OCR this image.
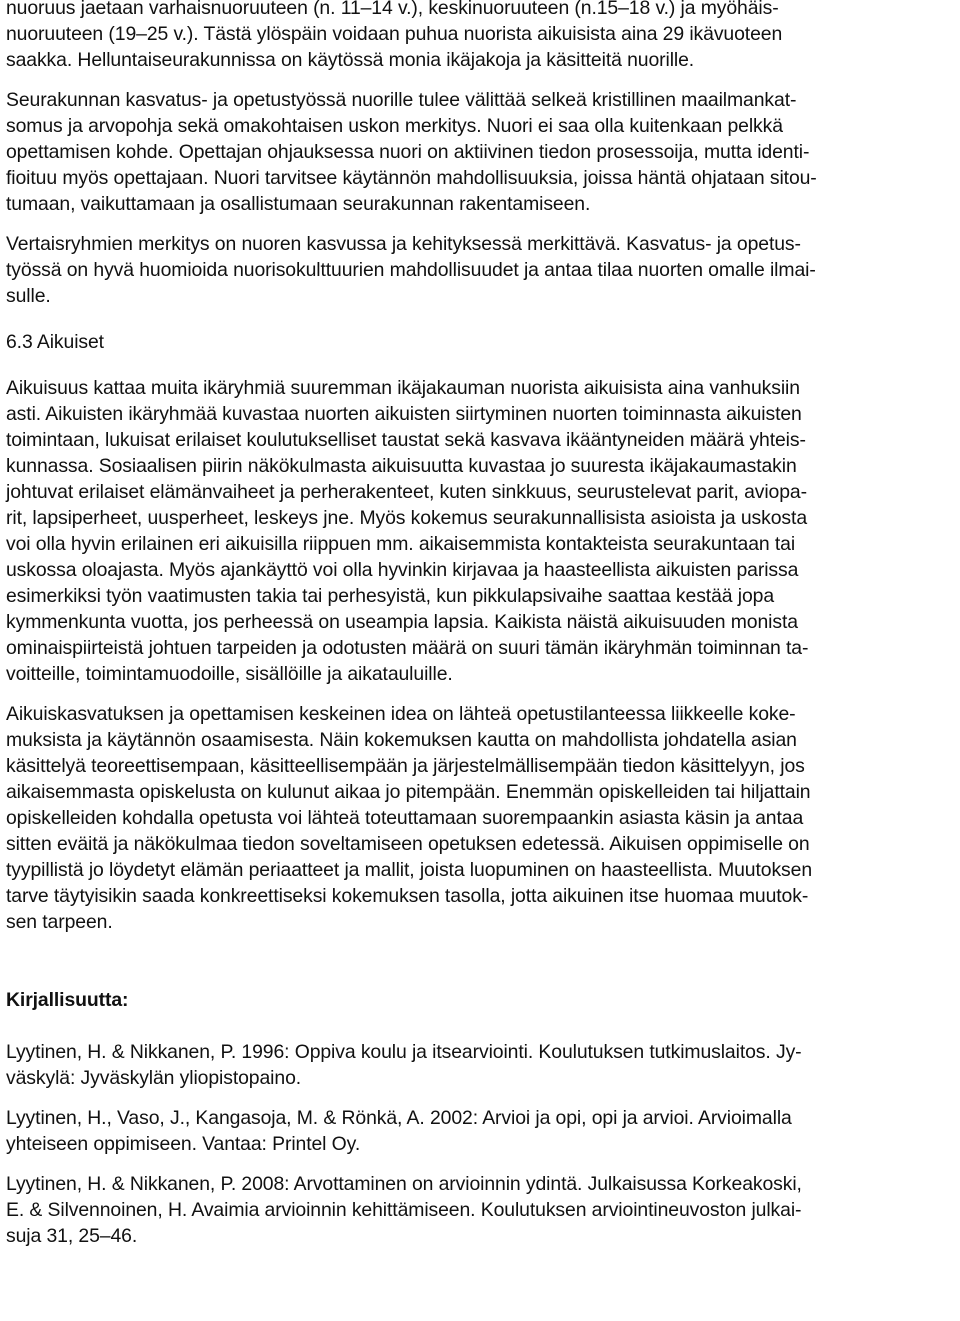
nuoruus jaetaan varhaisnuoruuteen (n. 11–14 v.), keskinuoruuteen (n.15–18 v.) ja myöhäis-
nuoruuteen (19–25 v.). Tästä ylöspäin voidaan puhua nuorista aikuisista aina 29 ikävuoteen
saakka. Helluntaiseurakunnissa on käytössä monia ikäjakoja ja käsitteitä nuorille.
Seurakunnan kasvatus- ja opetustyössä nuorille tulee välittää selkeä kristillinen maailmankat-
somus ja arvopohja sekä omakohtaisen uskon merkitys. Nuori ei saa olla kuitenkaan pelkkä
opettamisen kohde. Opettajan ohjauksessa nuori on aktiivinen tiedon prosessoija, mutta identi-
fioituu myös opettajaan. Nuori tarvitsee käytännön mahdollisuuksia, joissa häntä ohjataan sitou-
tumaan, vaikuttamaan ja osallistumaan seurakunnan rakentamiseen.
Vertaisryhmien merkitys on nuoren kasvussa ja kehityksessä merkittävä. Kasvatus- ja opetus-
työssä on hyvä huomioida nuorisokulttuurien mahdollisuudet ja antaa tilaa nuorten omalle ilmai-
sulle.
6.3 Aikuiset
Aikuisuus kattaa muita ikäryhmiä suuremman ikäjakauman nuorista aikuisista aina vanhuksiin
asti. Aikuisten ikäryhmää kuvastaa nuorten aikuisten siirtyminen nuorten toiminnasta aikuisten
toimintaan, lukuisat erilaiset koulutukselliset taustat sekä kasvava ikääntyneiden määrä yhteis-
kunnassa. Sosiaalisen piirin näkökulmasta aikuisuutta kuvastaa jo suuresta ikäjakaumastakin
johtuvat erilaiset elämänvaiheet ja perherakenteet, kuten sinkkuus, seurustelevat parit, aviopa-
rit, lapsiperheet, uusperheet, leskeys jne. Myös kokemus seurakunnallisista asioista ja uskosta
voi olla hyvin erilainen eri aikuisilla riippuen mm. aikaisemmista kontakteista seurakuntaan tai
uskossa oloajasta. Myös ajankäyttö voi olla hyvinkin kirjavaa ja haasteellista aikuisten parissa
esimerkiksi työn vaatimusten takia tai perhesyistä, kun pikkulapsivaihe saattaa kestää jopa
kymmenkunta vuotta, jos perheessä on useampia lapsia. Kaikista näistä aikuisuuden monista
ominaispiirteistä johtuen tarpeiden ja odotusten määrä on suuri tämän ikäryhmän toiminnan ta-
voitteille, toimintamuodoille, sisällöille ja aikatauluille.
Aikuiskasvatuksen ja opettamisen keskeinen idea on lähteä opetustilanteessa liikkeelle koke-
muksista ja käytännön osaamisesta. Näin kokemuksen kautta on mahdollista johdatella asian
käsittelyä teoreettisempaan, käsitteellisempään ja järjestelmällisempään tiedon käsittelyyn, jos
aikaisemmasta opiskelusta on kulunut aikaa jo pitempään. Enemmän opiskelleiden tai hiljattain
opiskelleiden kohdalla opetusta voi lähteä toteuttamaan suorempaankin asiasta käsin ja antaa
sitten eväitä ja näkökulmaa tiedon soveltamiseen opetuksen edetessä. Aikuisen oppimiselle on
tyypillistä jo löydetyt elämän periaatteet ja mallit, joista luopuminen on haasteellista. Muutoksen
tarve täytyisikin saada konkreettiseksi kokemuksen tasolla, jotta aikuinen itse huomaa muutok-
sen tarpeen.
Kirjallisuutta:
Lyytinen, H. & Nikkanen, P. 1996: Oppiva koulu ja itsearviointi. Koulutuksen tutkimuslaitos. Jy-
väskylä: Jyväskylän yliopistopaino.
Lyytinen, H., Vaso, J., Kangasoja, M. & Rönkä, A. 2002: Arvioi ja opi, opi ja arvioi. Arvioimalla
yhteiseen oppimiseen. Vantaa: Printel Oy.
Lyytinen, H. & Nikkanen, P. 2008: Arvottaminen on arvioinnin ydintä. Julkaisussa Korkeakoski,
E. & Silvennoinen, H. Avaimia arvioinnin kehittämiseen. Koulutuksen arviointineuvoston julkai-
suja 31, 25–46.
